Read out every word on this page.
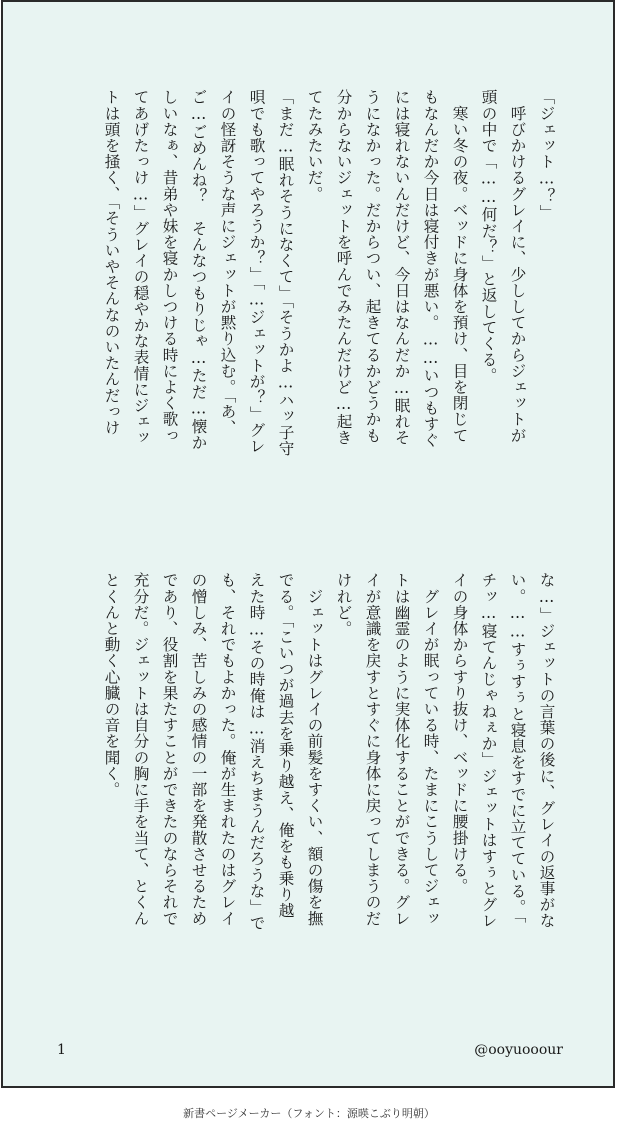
「ジェット…？」

　呼びかけるグレイに、少ししてからジェットが

頭の中で「……何だ？」と返してくる。

　寒い冬の夜。ベッドに身体を預け、目を閉じて

もなんだか今日は寝付きが悪い。……いつもすぐ

には寝れないんだけど、今日はなんだか…眠れそ

うになかった。だからつい、起きてるかどうかも

分からないジェットを呼んでみたんだけど…起き

てたみたいだ。

「まだ…眠れそうになくて」「そうかよ…ハッ子守

唄でも歌ってやろうか？」「…ジェットが？」グレ

イの怪訝そうな声にジェットが黙り込む。「あ、

ご…ごめんね？　そんなつもりじゃ…ただ…懐か

しいなぁ、昔弟や妹を寝かしつける時によく歌っ

てあげたっけ…」グレイの穏やかな表情にジェッ

トは頭を掻く、「そういやそんなのいたんだっけ

な…」ジェットの言葉の後に、グレイの返事がな

い。……すぅすぅと寝息をすでに立てている。「

チッ…寝てんじゃねぇか」ジェットはすぅとグレ

イの身体からすり抜け、ベッドに腰掛ける。

　グレイが眠っている時、たまにこうしてジェッ

トは幽霊のように実体化することができる。グレ

イが意識を戻すとすぐに身体に戻ってしまうのだ

けれど。

　ジェットはグレイの前髪をすくい、額の傷を撫

でる。「こいつが過去を乗り越え、俺をも乗り越

えた時…その時俺は…消えちまうんだろうな」で

も、それでもよかった。俺が生まれたのはグレイ

の憎しみ、苦しみの感情の一部を発散させるため

であり、役割を果たすことができたのならそれで

充分だ。ジェットは自分の胸に手を当て、とくん

とくんと動く心臓の音を聞く。

1	@ooyuooour
新書ページメーカー（フォント：源暎こぶり明朝）
